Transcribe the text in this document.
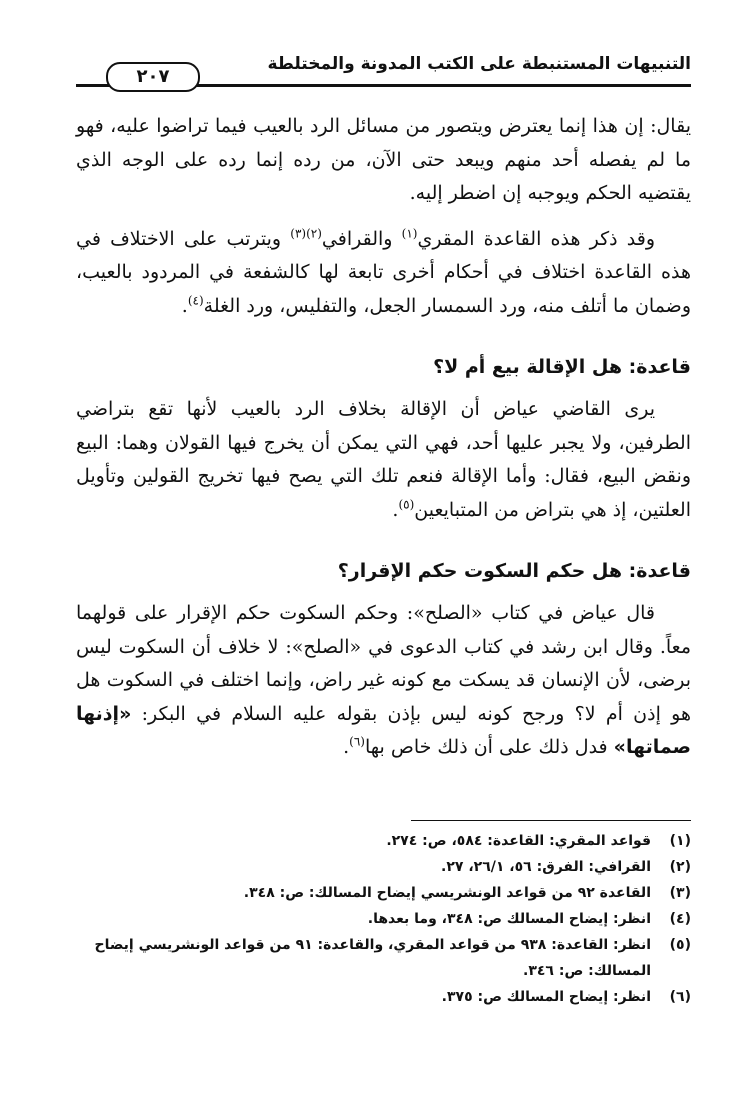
التنبيهات المستنبطة على الكتب المدونة والمختلطة
٢٠٧

يقال: إن هذا إنما يعترض ويتصور من مسائل الرد بالعيب فيما تراضوا عليه، فهو ما لم يفصله أحد منهم ويبعد حتى الآن، من رده إنما رده على الوجه الذي يقتضيه الحكم ويوجبه إن اضطر إليه.

وقد ذكر هذه القاعدة المقري$^{(١)}$ والقرافي$^{(٢)(٣)}$ ويترتب على الاختلاف في هذه القاعدة اختلاف في أحكام أخرى تابعة لها كالشفعة في المردود بالعيب، وضمان ما أتلف منه، ورد السمسار الجعل، والتفليس، ورد الغلة$^{(٤)}$.

قاعدة: هل الإقالة بيع أم لا؟

يرى القاضي عياض أن الإقالة بخلاف الرد بالعيب لأنها تقع بتراضي الطرفين، ولا يجبر عليها أحد، فهي التي يمكن أن يخرج فيها القولان وهما: البيع ونقض البيع، فقال: وأما الإقالة فنعم تلك التي يصح فيها تخريج القولين وتأويل العلتين، إذ هي بتراض من المتبايعين$^{(٥)}$.

قاعدة: هل حكم السكوت حكم الإقرار؟

قال عياض في كتاب «الصلح»: وحكم السكوت حكم الإقرار على قولهما معاً. وقال ابن رشد في كتاب الدعوى في «الصلح»: لا خلاف أن السكوت ليس برضى، لأن الإنسان قد يسكت مع كونه غير راض، وإنما اختلف في السكوت هل هو إذن أم لا؟ ورجح كونه ليس بإذن بقوله عليه السلام في البكر: «إذنها صماتها» فدل ذلك على أن ذلك خاص بها$^{(٦)}$.

(١)
قواعد المقري: القاعدة: ٥٨٤، ص: ٢٧٤.
(٢)
القرافي: الفرق: ٥٦، ٢٦/١، ٢٧.
(٣)
القاعدة ٩٢ من قواعد الونشريسي إيضاح المسالك: ص: ٣٤٨.
(٤)
انظر: إيضاح المسالك ص: ٣٤٨، وما بعدها.
(٥)
انظر: القاعدة: ٩٣٨ من قواعد المقري، والقاعدة: ٩١ من قواعد الونشريسي إيضاح المسالك: ص: ٣٤٦.
(٦)
انظر: إيضاح المسالك ص: ٣٧٥.
